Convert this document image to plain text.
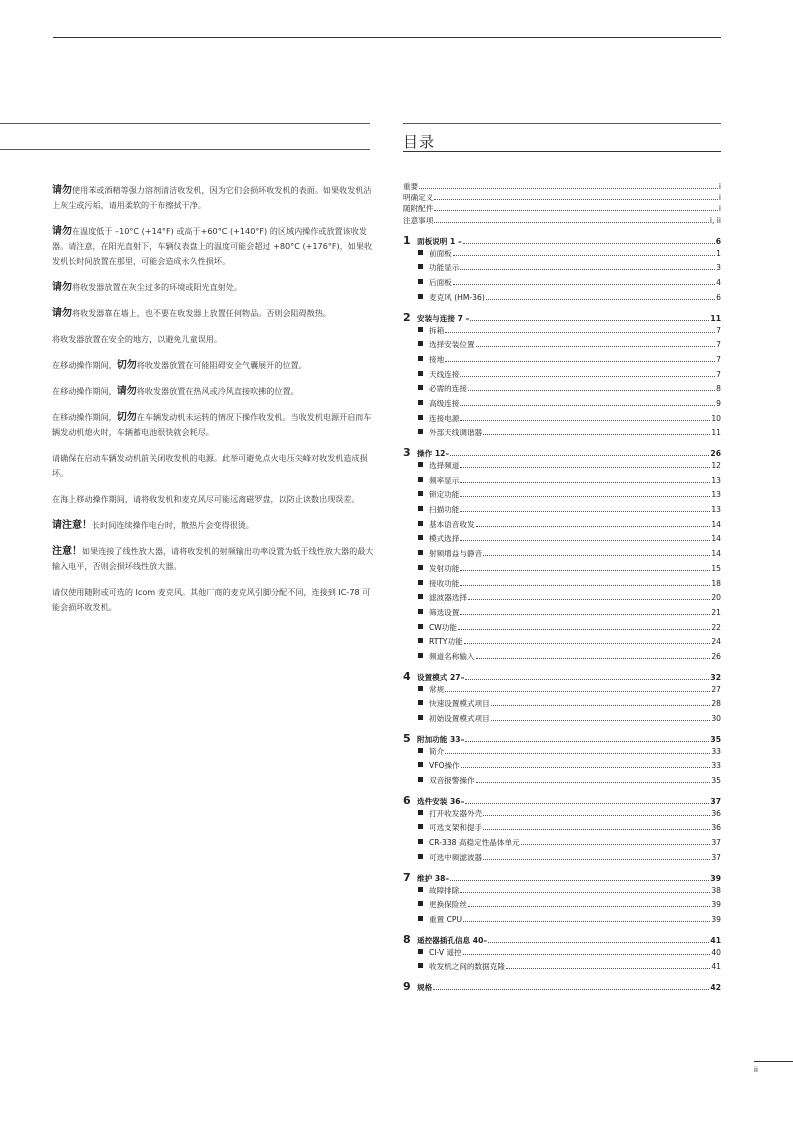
目录

请勿使用苯或酒精等强力溶剂清洁收发机，因为它们会损坏收发机的表面。如果收发机沾上灰尘或污垢，请用柔软的干布擦拭干净。

请勿在温度低于 –10°C (+14°F) 或高于+60°C (+140°F) 的区域内操作或放置该收发器。请注意，在阳光直射下，车辆仪表盘上的温度可能会超过 +80°C (+176°F)，如果收发机长时间放置在那里，可能会造成永久性损坏。

请勿将收发器放置在灰尘过多的环境或阳光直射处。

请勿将收发器靠在墙上，也不要在收发器上放置任何物品。否则会阻碍散热。

将收发器放置在安全的地方，以避免儿童误用。

在移动操作期间，切勿将收发器放置在可能阻碍安全气囊展开的位置。

在移动操作期间，请勿将收发器放置在热风或冷风直接吹拂的位置。

在移动操作期间，切勿在车辆发动机未运转的情况下操作收发机。当收发机电源开启而车辆发动机熄火时，车辆蓄电池很快就会耗尽。

请确保在启动车辆发动机前关闭收发机的电源。此举可避免点火电压尖峰对收发机造成损坏。

在海上移动操作期间，请将收发机和麦克风尽可能远离磁罗盘，以防止读数出现误差。

请注意！长时间连续操作电台时，散热片会变得很烫。

注意！如果连接了线性放大器，请将收发机的射频输出功率设置为低于线性放大器的最大输入电平，否则会损坏线性放大器。

请仅使用随附或可选的 Icom 麦克风。其他厂商的麦克风引脚分配不同，连接到 IC-78 可能会损坏收发机。

重要	i
明确定义	i
随附配件	i
注意事项	i, ii
1 面板说明 1 –	6
前面板	1
功能显示	3
后面板	4
麦克风 (HM-36)	6
2 安装与连接 7 –	11
拆箱	7
选择安装位置	7
接地	7
天线连接	7
必需的连接	8
高级连接	9
连接电源	10
外部天线调谐器	11
3 操作 12–	26
选择频道	12
频率显示	13
锁定功能	13
扫描功能	13
基本语音收发	14
模式选择	14
射频增益与静音	14
发射功能	15
接收功能	18
滤波器选择	20
筛选设置	21
CW功能	22
RTTY功能	24
频道名称输入	26
4 设置模式 27–	32
常规	27
快速设置模式项目	28
初始设置模式项目	30
5 附加功能 33–	35
简介	33
VFO操作	33
双音报警操作	35
6 选件安装 36–	37
打开收发器外壳	36
可选支架和提手	36
CR-338 高稳定性晶体单元	37
可选中频滤波器	37
7 维护 38–	39
故障排除	38
更换保险丝	39
重置 CPU	39
8 遥控器插孔信息 40–	41
CI-V 遥控	40
收发机之间的数据克隆	41
9 规格	42
ii
